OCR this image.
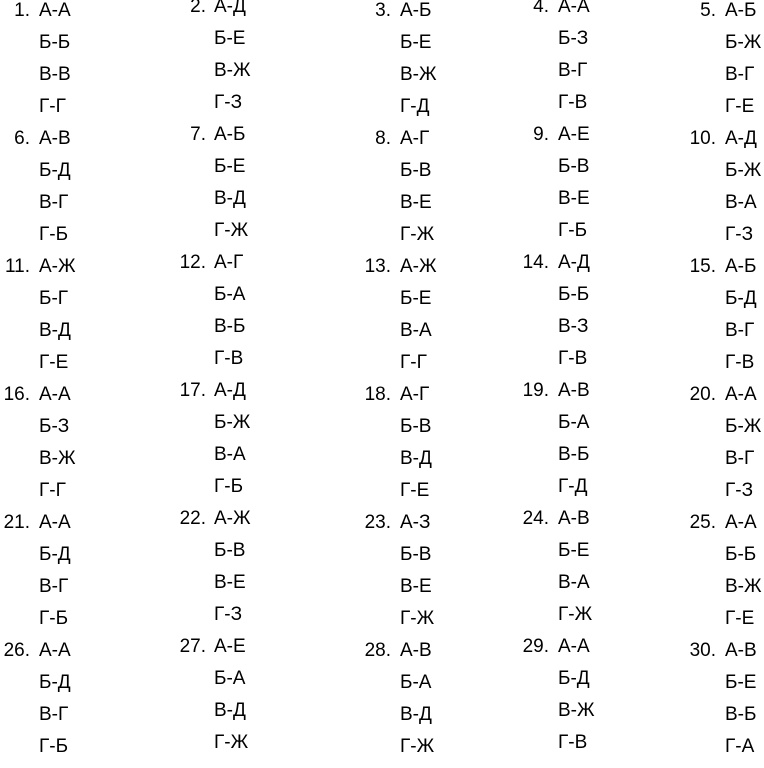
1. А-А
Б-Б
В-В
Г-Г
2. А-Д
Б-Е
В-Ж
Г-З
3. А-Б
Б-Е
В-Ж
Г-Д
4. А-А
Б-З
В-Г
Г-В
5. А-Б
Б-Ж
В-Г
Г-Е
6. А-В
Б-Д
В-Г
Г-Б
7. А-Б
Б-Е
В-Д
Г-Ж
8. А-Г
Б-В
В-Е
Г-Ж
9. А-Е
Б-В
В-Е
Г-Б
10. А-Д
Б-Ж
В-А
Г-З
11. А-Ж
Б-Г
В-Д
Г-Е
12. А-Г
Б-А
В-Б
Г-В
13. А-Ж
Б-Е
В-А
Г-Г
14. А-Д
Б-Б
В-З
Г-В
15. А-Б
Б-Д
В-Г
Г-В
16. А-А
Б-З
В-Ж
Г-Г
17. А-Д
Б-Ж
В-А
Г-Б
18. А-Г
Б-В
В-Д
Г-Е
19. А-В
Б-А
В-Б
Г-Д
20. А-А
Б-Ж
В-Г
Г-З
21. А-А
Б-Д
В-Г
Г-Б
22. А-Ж
Б-В
В-Е
Г-З
23. А-З
Б-В
В-Е
Г-Ж
24. А-В
Б-Е
В-А
Г-Ж
25. А-А
Б-Б
В-Ж
Г-Е
26. А-А
Б-Д
В-Г
Г-Б
27. А-Е
Б-А
В-Д
Г-Ж
28. А-В
Б-А
В-Д
Г-Ж
29. А-А
Б-Д
В-Ж
Г-В
30. А-В
Б-Е
В-Б
Г-А
